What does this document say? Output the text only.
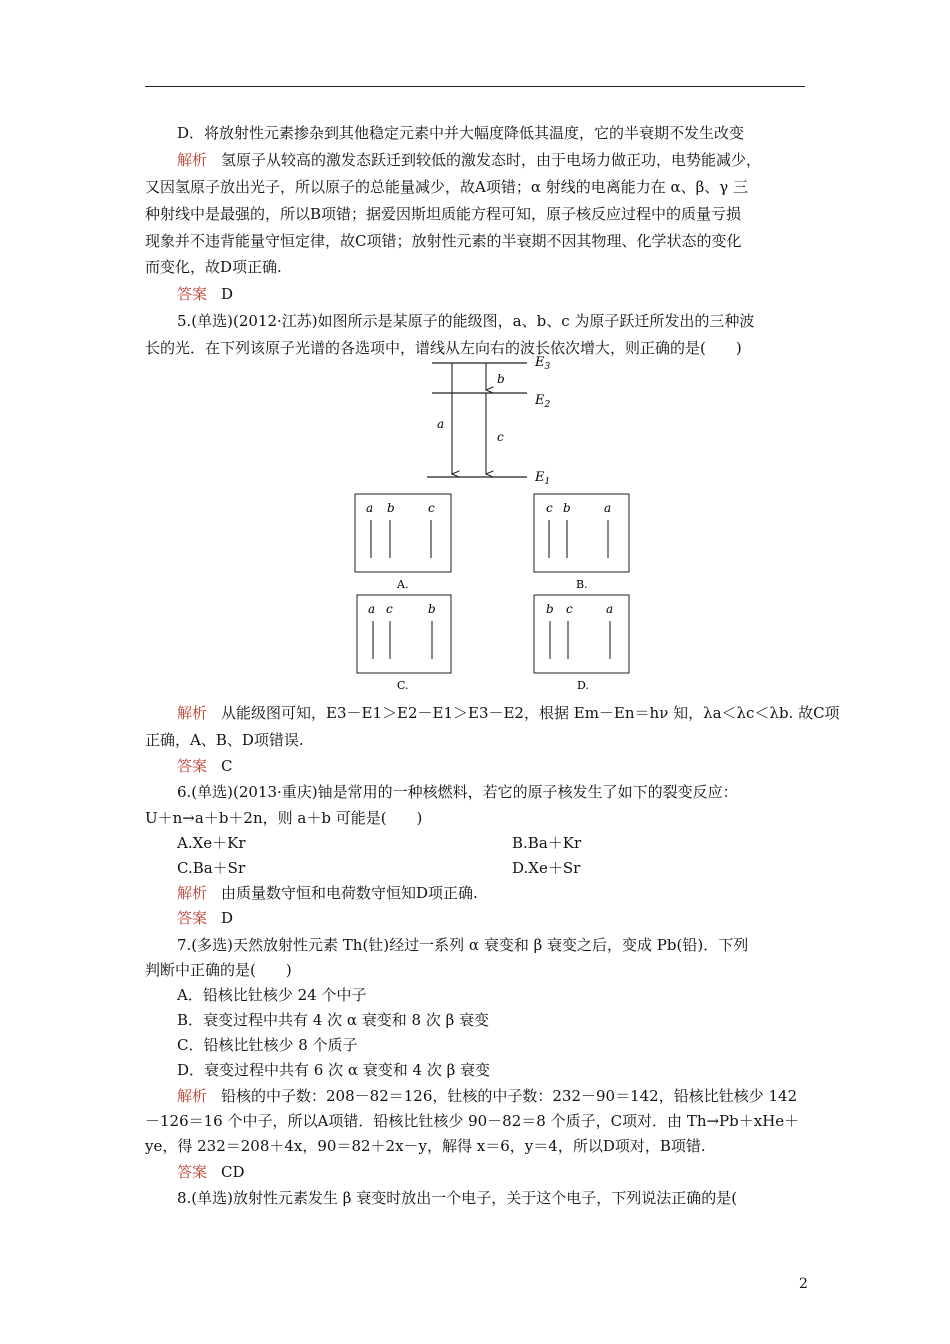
D．将放射性元素掺杂到其他稳定元素中并大幅度降低其温度，它的半衰期不发生改变
解析 氢原子从较高的激发态跃迁到较低的激发态时，由于电场力做正功，电势能减少，
又因氢原子放出光子，所以原子的总能量减少，故A项错；α 射线的电离能力在 α、β、γ 三
种射线中是最强的，所以B项错；据爱因斯坦质能方程可知，原子核反应过程中的质量亏损
现象并不违背能量守恒定律，故C项错；放射性元素的半衰期不因其物理、化学状态的变化
而变化，故D项正确.
答案 D
5.(单选)(2012·江苏)如图所示是某原子的能级图，a、b、c 为原子跃迁所发出的三种波
长的光．在下列该原子光谱的各选项中，谱线从左向右的波长依次增大，则正确的是(　　)
$E_3$
$E_2$
$E_1$
a
b
c
a b	c
A.
c b	a
B.
a c	b
C.
b c	a
D.
解析 从能级图可知，E3－E1＞E2－E1＞E3－E2，根据 Em－En＝hν 知，λa＜λc＜λb. 故C项
正确，A、B、D项错误.
答案 C
6.(单选)(2013·重庆)铀是常用的一种核燃料，若它的原子核发生了如下的裂变反应：
U＋n→a＋b＋2n，则 a＋b 可能是(　　)
A.Xe＋Kr	B.Ba＋Kr
C.Ba＋Sr	D.Xe＋Sr
解析 由质量数守恒和电荷数守恒知D项正确.
答案 D
7.(多选)天然放射性元素 Th(钍)经过一系列 α 衰变和 β 衰变之后，变成 Pb(铅)．下列
判断中正确的是(　　)
A．铅核比钍核少 24 个中子
B．衰变过程中共有 4 次 α 衰变和 8 次 β 衰变
C．铅核比钍核少 8 个质子
D．衰变过程中共有 6 次 α 衰变和 4 次 β 衰变
解析 铅核的中子数：208－82＝126，钍核的中子数：232－90＝142，铅核比钍核少 142
－126＝16 个中子，所以A项错．铅核比钍核少 90－82＝8 个质子，C项对．由 Th→Pb＋xHe＋
ye，得 232＝208＋4x，90＝82＋2x－y，解得 x＝6，y＝4，所以D项对，B项错.
答案 CD
8.(单选)放射性元素发生 β 衰变时放出一个电子，关于这个电子，下列说法正确的是(
2
